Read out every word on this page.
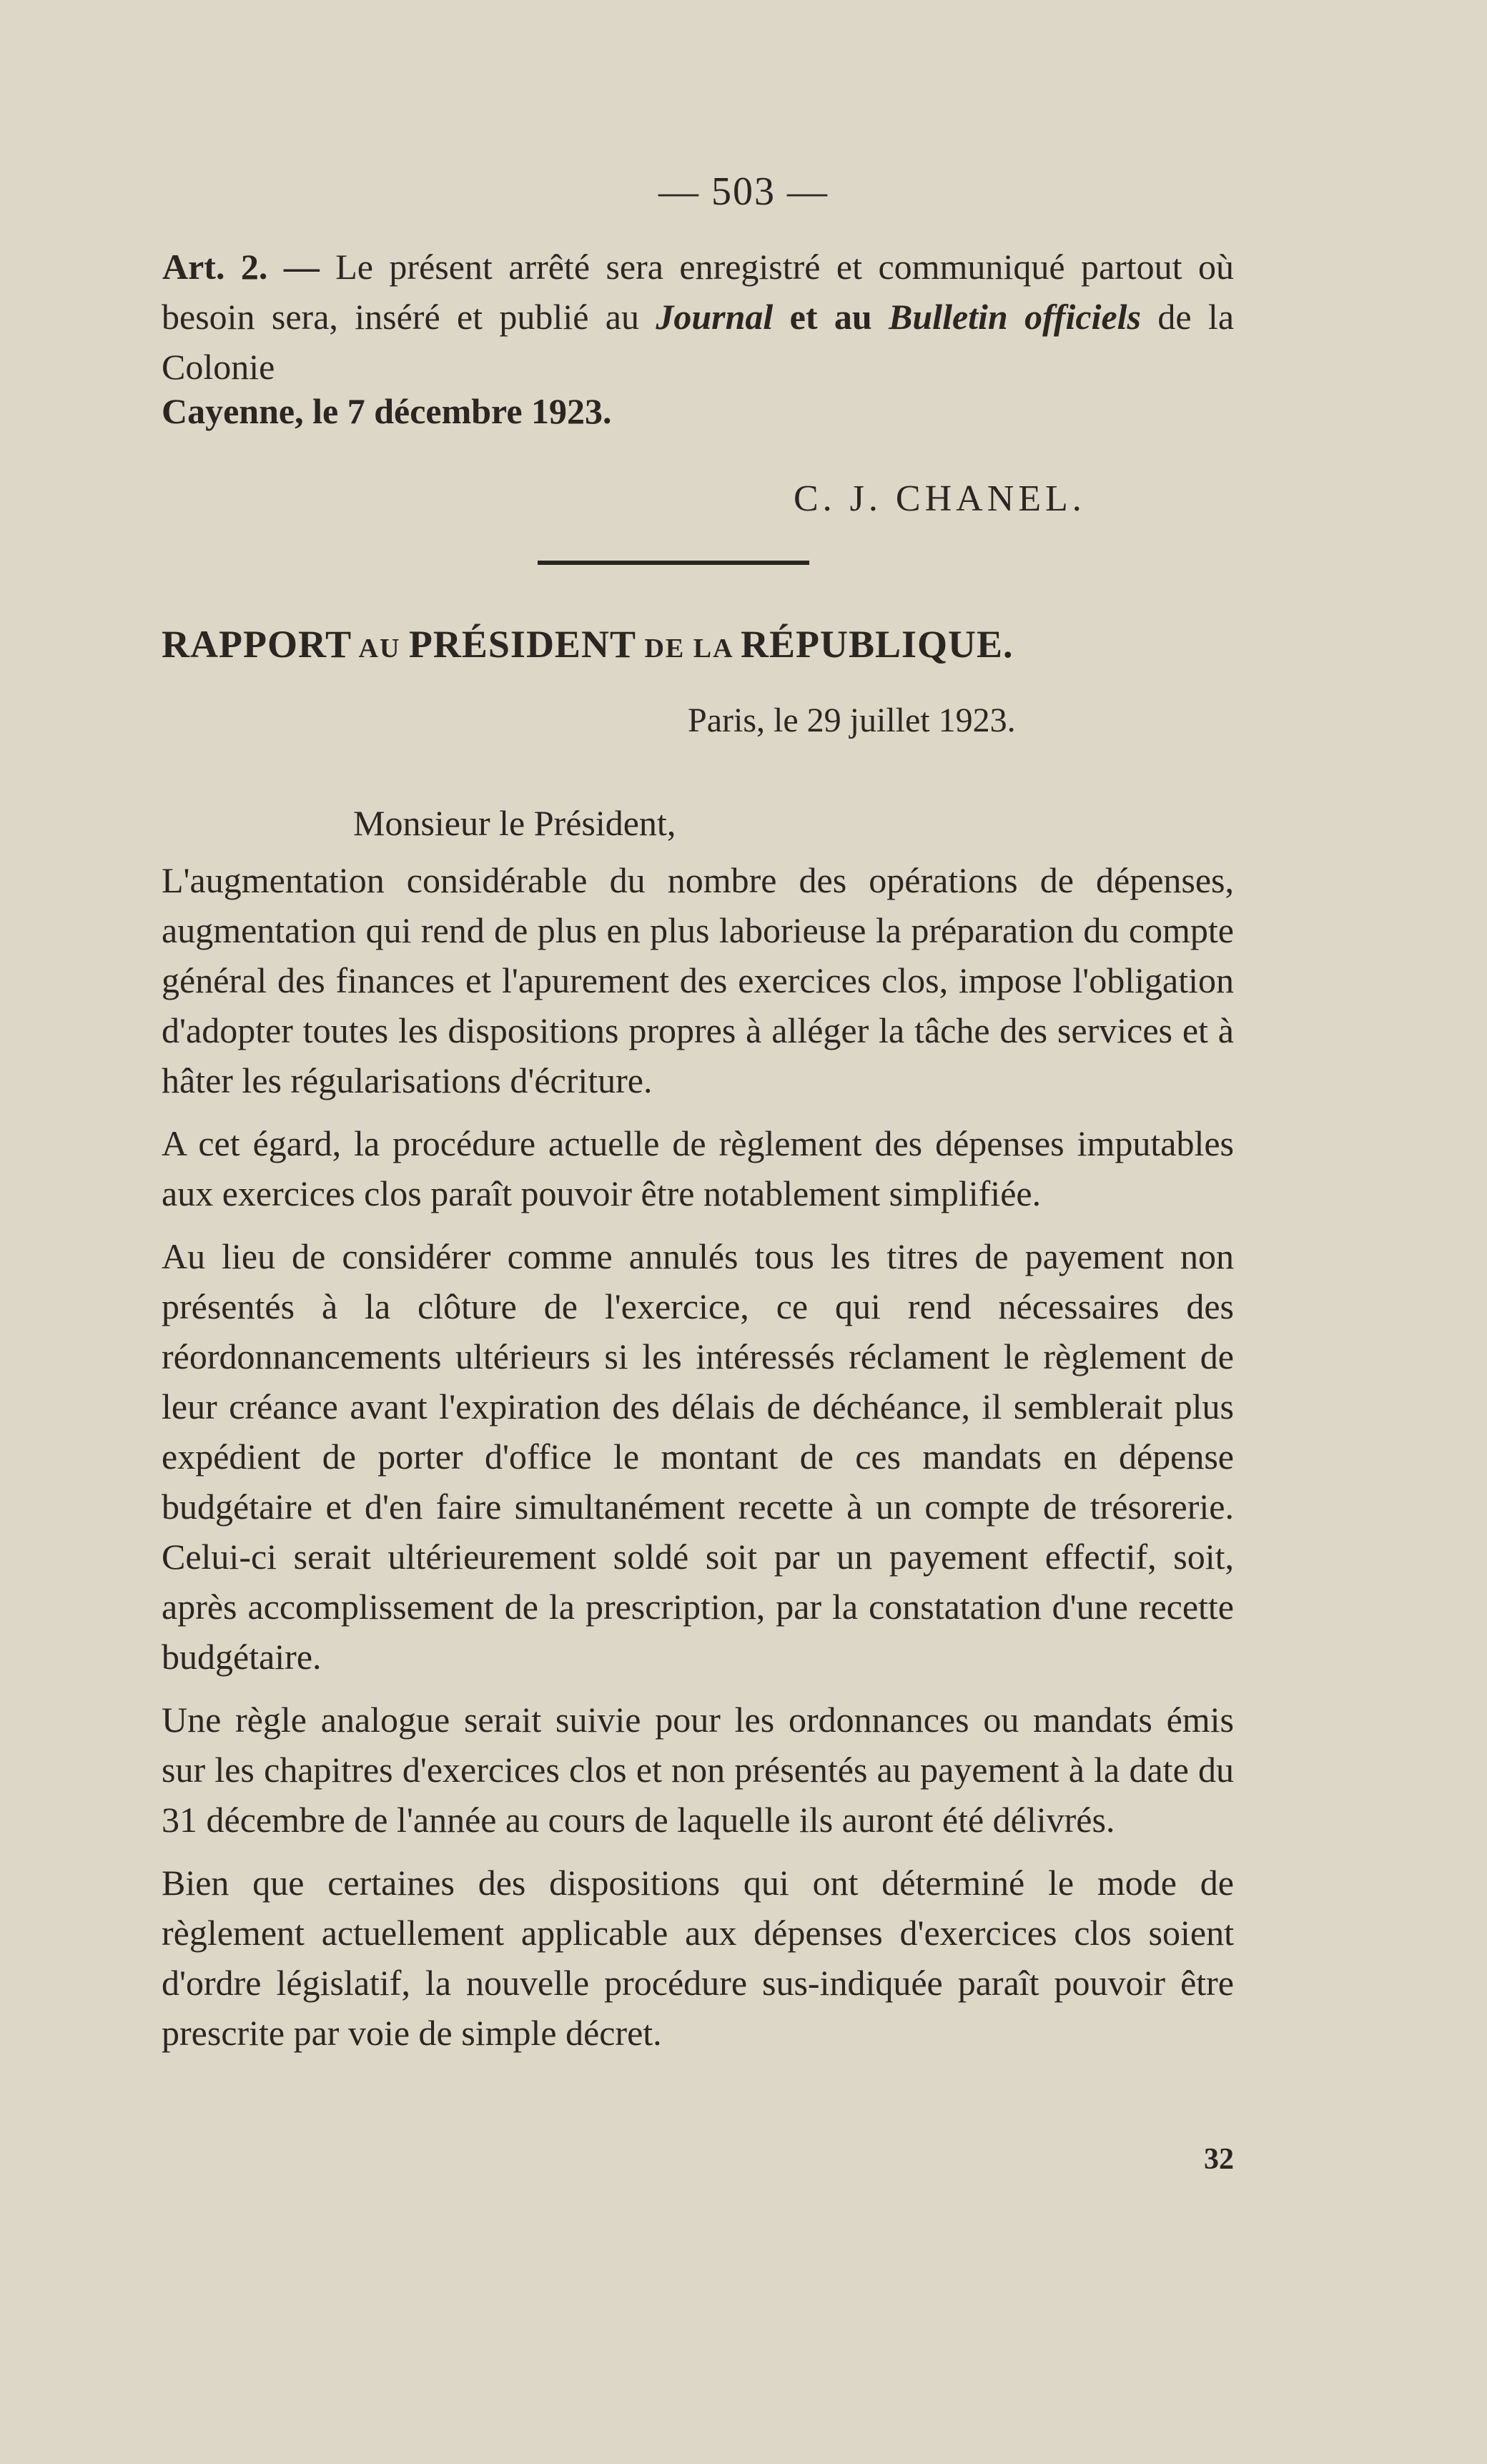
— 503 —

Art. 2. — Le présent arrêté sera enregistré et communiqué partout où besoin sera, inséré et publié au Journal et au Bulletin officiels de la Colonie

Cayenne, le 7 décembre 1923.
C. J. CHANEL.
RAPPORT AU PRÉSIDENT DE LA RÉPUBLIQUE.
Paris, le 29 juillet 1923.
Monsieur le Président,

L'augmentation considérable du nombre des opérations de dépenses, augmentation qui rend de plus en plus laborieuse la préparation du compte général des finances et l'apurement des exercices clos, impose l'obligation d'adopter toutes les dispositions propres à alléger la tâche des services et à hâter les régularisations d'écriture.

A cet égard, la procédure actuelle de règlement des dépenses imputables aux exercices clos paraît pouvoir être notablement simplifiée.

Au lieu de considérer comme annulés tous les titres de payement non présentés à la clôture de l'exercice, ce qui rend nécessaires des réordonnancements ultérieurs si les intéressés réclament le règlement de leur créance avant l'expiration des délais de déchéance, il semblerait plus expédient de porter d'office le montant de ces mandats en dépense budgétaire et d'en faire simultanément recette à un compte de trésorerie. Celui-ci serait ultérieurement soldé soit par un payement effectif, soit, après accomplissement de la prescription, par la constatation d'une recette budgétaire.

Une règle analogue serait suivie pour les ordonnances ou mandats émis sur les chapitres d'exercices clos et non présentés au payement à la date du 31 décembre de l'année au cours de laquelle ils auront été délivrés.

Bien que certaines des dispositions qui ont déterminé le mode de règlement actuellement applicable aux dépenses d'exercices clos soient d'ordre législatif, la nouvelle procédure sus-indiquée paraît pouvoir être prescrite par voie de simple décret.

32
